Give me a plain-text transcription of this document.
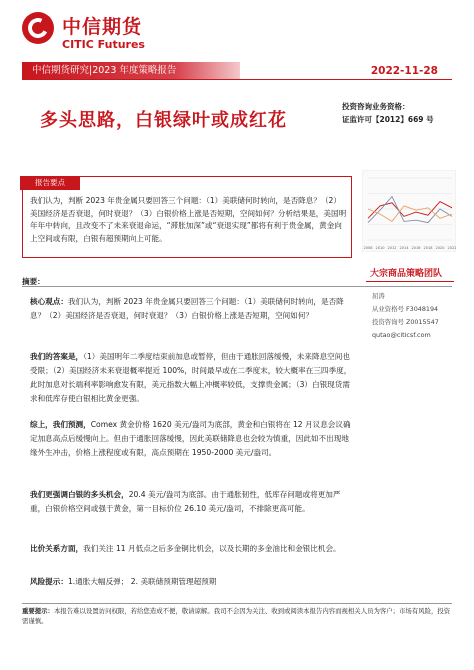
中信期货
CITIC Futures
中信期货研究|2023 年度策略报告	2022-11-28
多头思路，白银绿叶或成红花
投资咨询业务资格：
证监许可【2012】669 号
报告要点
我们认为，判断 2023 年贵金属只要回答三个问题：（1）美联储何时转向，是否降息？（2）美国经济是否衰退，何时衰退？（3）白银价格上涨是否短期，空间如何？分析结果是，美国明年年中转向，且改变不了未来衰退命运，“滞胀加深”或“衰退实现”都将有利于贵金属，黄金向上空间或有限，白银有超预期向上可能。
2008 2010 2012 2014 2016 2018 2020 2022
摘要：
核心观点：我们认为，判断 2023 年贵金属只要回答三个问题：（1）美联储何时转向，是否降息？（2）美国经济是否衰退，何时衰退？（3）白银价格上涨是否短期，空间如何？
我们的答案是，（1）美国明年二季度结束前加息或暂停，但由于通胀回落缓慢，未来降息空间也受限；（2）美国经济未来衰退概率提近 100%，时间最早或在二季度末，较大概率在三四季度，此时加息对长端利率影响愈发有限，美元指数大幅上冲概率较低，支撑贵金属；（3）白银现货需求和低库存使白银相比黄金更强。
综上，我们预测，Comex 黄金价格 1620 美元/盎司为底部，黄金和白银将在 12 月议息会议确定加息高点后缓慢向上。但由于通胀回落缓慢，因此美联储降息也会较为慎重，因此如不出现地缘外生冲击，价格上涨程度或有限，高点预期在 1950-2000 美元/盎司。
我们更强调白银的多头机会，20.4 美元/盎司为底部。由于通胀韧性，低库存问题或将更加严重，白银价格空间或强于黄金，第一目标价位 26.10 美元/盎司，不排除更高可能。
比价关系方面，我们关注 11 月低点之后多金铜比机会，以及长期的多金油比和金银比机会。
风险提示：1.通胀大幅反弹； 2. 美联储预期管理超预期
大宗商品策略团队
屈涛
从业资格号 F3048194
投资咨询号 Z0015547
qutao@citicsf.com
重要提示：本报告难以设置访问权限，若给您造成不便，敬请谅解。我司不会因为关注、收到或阅读本报告内容而视相关人员为客户；市场有风险，投资需谨慎。
